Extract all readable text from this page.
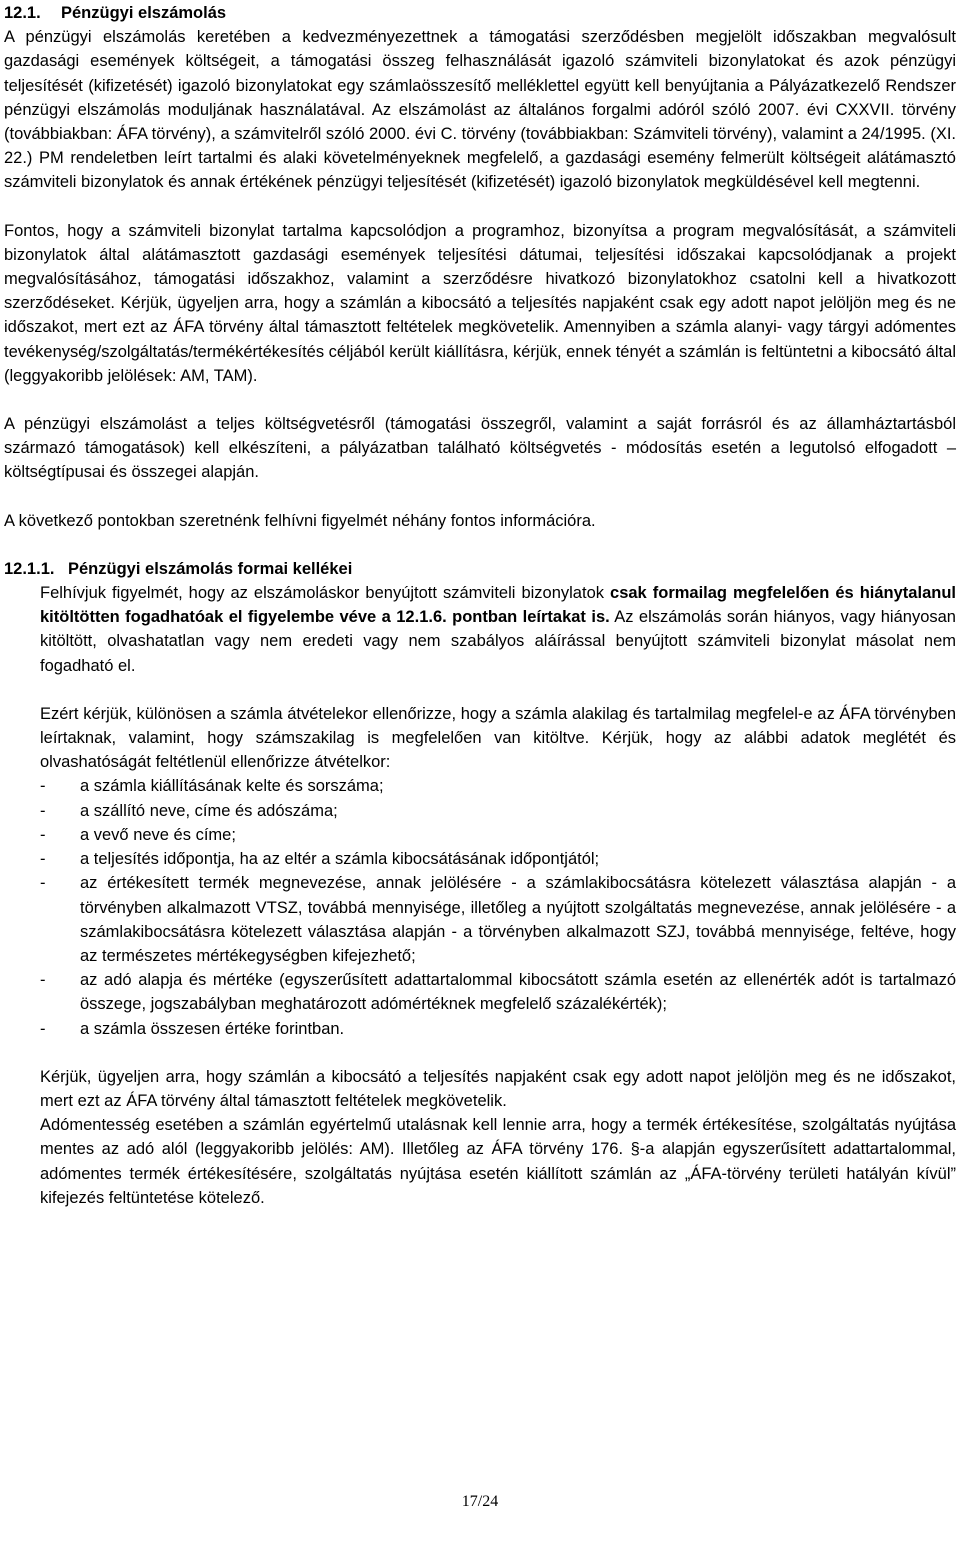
12.1. Pénzügyi elszámolás

A pénzügyi elszámolás keretében a kedvezményezettnek a támogatási szerződésben megjelölt időszakban megvalósult gazdasági események költségeit, a támogatási összeg felhasználását igazoló számviteli bizonylatokat és azok pénzügyi teljesítését (kifizetését) igazoló bizonylatokat egy számlaösszesítő melléklettel együtt kell benyújtania a Pályázatkezelő Rendszer pénzügyi elszámolás moduljának használatával. Az elszámolást az általános forgalmi adóról szóló 2007. évi CXXVII. törvény (továbbiakban: ÁFA törvény), a számvitelről szóló 2000. évi C. törvény (továbbiakban: Számviteli törvény), valamint a 24/1995. (XI. 22.) PM rendeletben leírt tartalmi és alaki követelményeknek megfelelő, a gazdasági esemény felmerült költségeit alátámasztó számviteli bizonylatok és annak értékének pénzügyi teljesítését (kifizetését) igazoló bizonylatok megküldésével kell megtenni.

Fontos, hogy a számviteli bizonylat tartalma kapcsolódjon a programhoz, bizonyítsa a program megvalósítását, a számviteli bizonylatok által alátámasztott gazdasági események teljesítési dátumai, teljesítési időszakai kapcsolódjanak a projekt megvalósításához, támogatási időszakhoz, valamint a szerződésre hivatkozó bizonylatokhoz csatolni kell a hivatkozott szerződéseket. Kérjük, ügyeljen arra, hogy a számlán a kibocsátó a teljesítés napjaként csak egy adott napot jelöljön meg és ne időszakot, mert ezt az ÁFA törvény által támasztott feltételek megkövetelik. Amennyiben a számla alanyi- vagy tárgyi adómentes tevékenység/szolgáltatás/termékértékesítés céljából került kiállításra, kérjük, ennek tényét a számlán is feltüntetni a kibocsátó által (leggyakoribb jelölések: AM, TAM).

A pénzügyi elszámolást a teljes költségvetésről (támogatási összegről, valamint a saját forrásról és az államháztartásból származó támogatások) kell elkészíteni, a pályázatban található költségvetés - módosítás esetén a legutolsó elfogadott – költségtípusai és összegei alapján.

A következő pontokban szeretnénk felhívni figyelmét néhány fontos információra.

12.1.1. Pénzügyi elszámolás formai kellékei

Felhívjuk figyelmét, hogy az elszámoláskor benyújtott számviteli bizonylatok csak formailag megfelelően és hiánytalanul kitöltötten fogadhatóak el figyelembe véve a 12.1.6. pontban leírtakat is. Az elszámolás során hiányos, vagy hiányosan kitöltött, olvashatatlan vagy nem eredeti vagy nem szabályos aláírással benyújtott számviteli bizonylat másolat nem fogadható el.

Ezért kérjük, különösen a számla átvételekor ellenőrizze, hogy a számla alakilag és tartalmilag megfelel-e az ÁFA törvényben leírtaknak, valamint, hogy számszakilag is megfelelően van kitöltve. Kérjük, hogy az alábbi adatok meglétét és olvashatóságát feltétlenül ellenőrizze átvételkor:

-	a számla kiállításának kelte és sorszáma;
-	a szállító neve, címe és adószáma;
-	a vevő neve és címe;
-	a teljesítés időpontja, ha az eltér a számla kibocsátásának időpontjától;
-	az értékesített termék megnevezése, annak jelölésére - a számlakibocsátásra kötelezett választása alapján - a törvényben alkalmazott VTSZ, továbbá mennyisége, illetőleg a nyújtott szolgáltatás megnevezése, annak jelölésére - a számlakibocsátásra kötelezett választása alapján - a törvényben alkalmazott SZJ, továbbá mennyisége, feltéve, hogy az természetes mértékegységben kifejezhető;
-	az adó alapja és mértéke (egyszerűsített adattartalommal kibocsátott számla esetén az ellenérték adót is tartalmazó összege, jogszabályban meghatározott adómértéknek megfelelő százalékérték);
-	a számla összesen értéke forintban.

Kérjük, ügyeljen arra, hogy számlán a kibocsátó a teljesítés napjaként csak egy adott napot jelöljön meg és ne időszakot, mert ezt az ÁFA törvény által támasztott feltételek megkövetelik.

Adómentesség esetében a számlán egyértelmű utalásnak kell lennie arra, hogy a termék értékesítése, szolgáltatás nyújtása mentes az adó alól (leggyakoribb jelölés: AM). Illetőleg az ÁFA törvény 176. §-a alapján egyszerűsített adattartalommal, adómentes termék értékesítésére, szolgáltatás nyújtása esetén kiállított számlán az „ÁFA-törvény területi hatályán kívül” kifejezés feltüntetése kötelező.

17/24
